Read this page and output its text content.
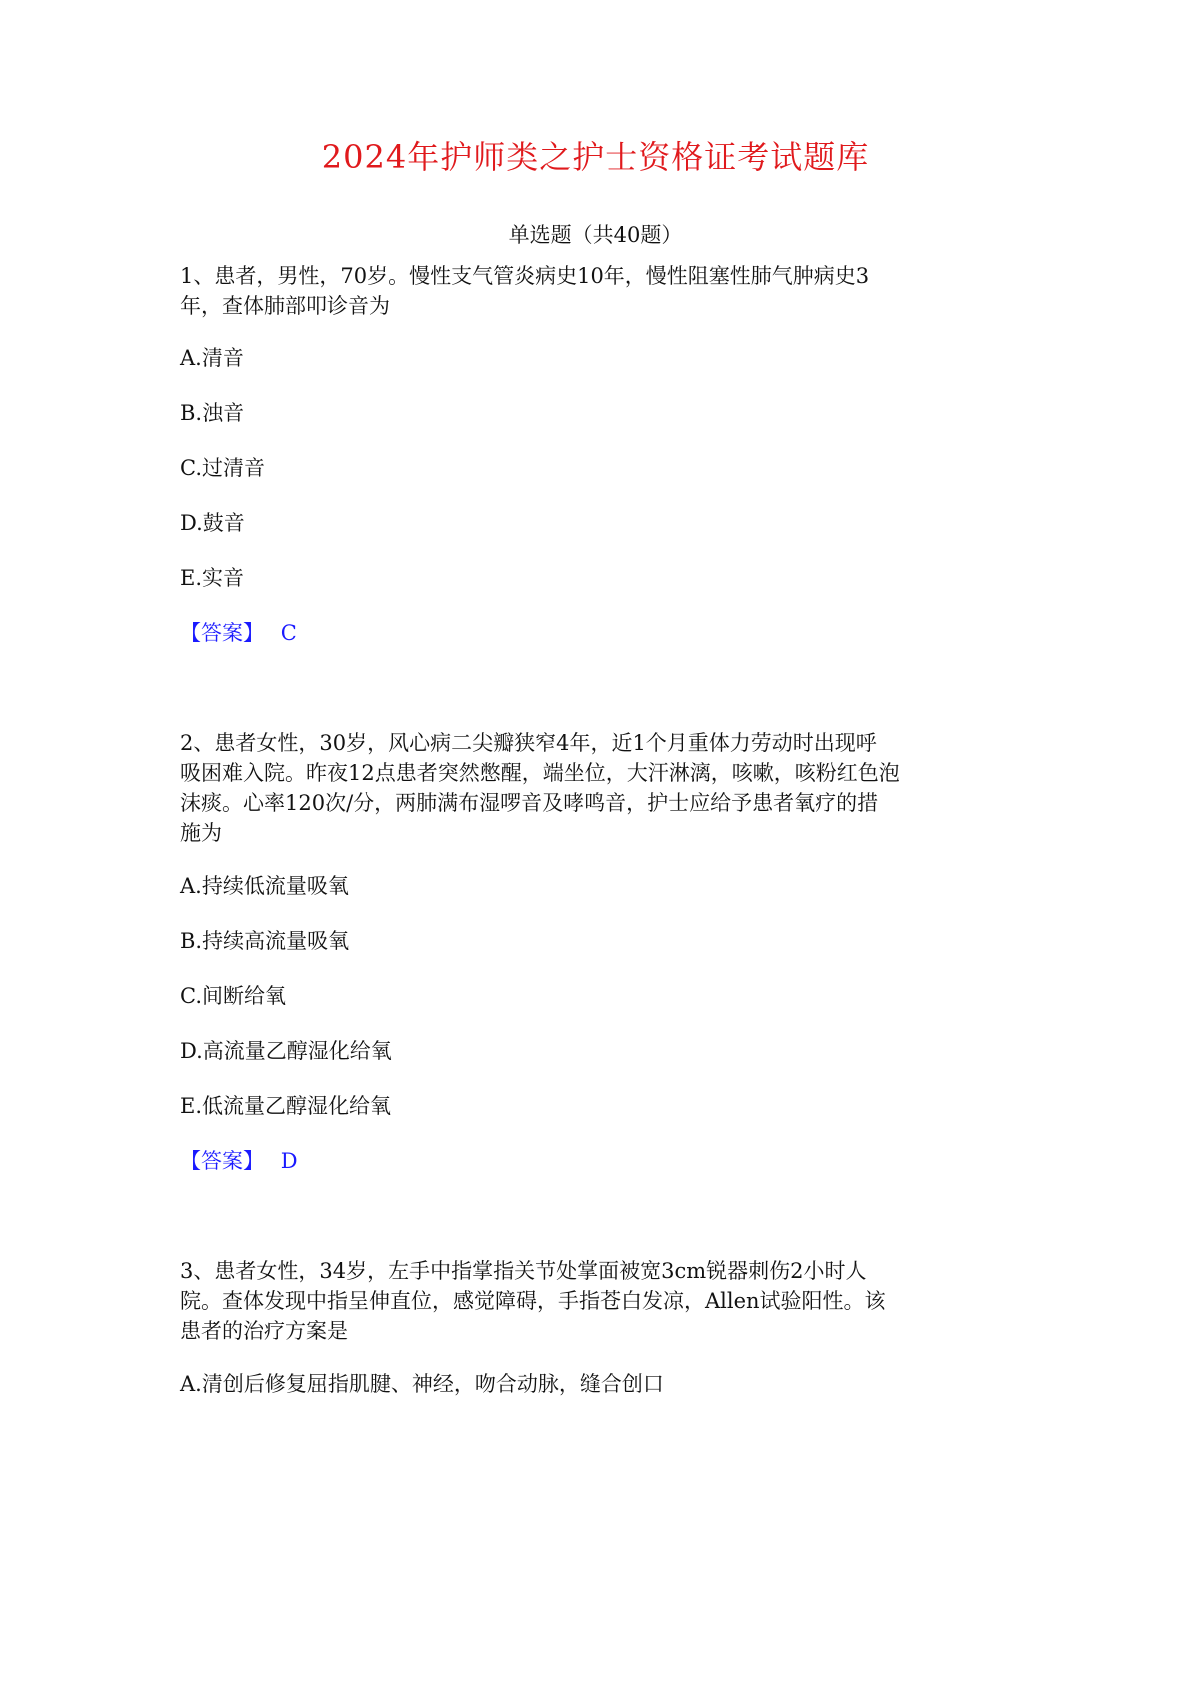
2024年护师类之护士资格证考试题库
单选题（共40题）
1、患者，男性，70岁。慢性支气管炎病史10年，慢性阻塞性肺气肿病史3
年，查体肺部叩诊音为
A.清音
B.浊音
C.过清音
D.鼓音
E.实音
【答案】 C
2、患者女性，30岁，风心病二尖瓣狭窄4年，近1个月重体力劳动时出现呼
吸困难入院。昨夜12点患者突然憋醒，端坐位，大汗淋漓，咳嗽，咳粉红色泡
沫痰。心率120次/分，两肺满布湿啰音及哮鸣音，护士应给予患者氧疗的措
施为
A.持续低流量吸氧
B.持续高流量吸氧
C.间断给氧
D.高流量乙醇湿化给氧
E.低流量乙醇湿化给氧
【答案】 D
3、患者女性，34岁，左手中指掌指关节处掌面被宽3cm锐器刺伤2小时人
院。查体发现中指呈伸直位，感觉障碍，手指苍白发凉，Allen试验阳性。该
患者的治疗方案是
A.清创后修复屈指肌腱、神经，吻合动脉，缝合创口
